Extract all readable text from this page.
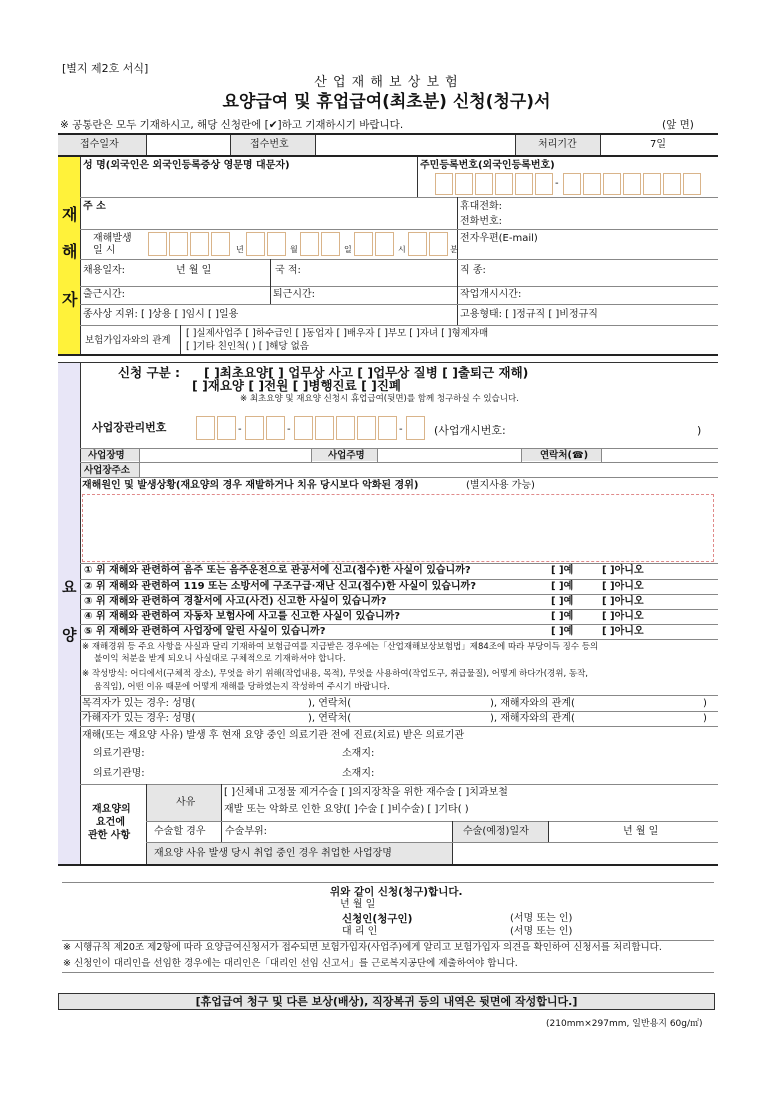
[별지 제2호 서식]
산 업 재 해 보 상 보 험
요양급여 및 휴업급여(최초분) 신청(청구)서
※ 공통란은 모두 기재하시고, 해당 신청란에 [✔]하고 기재하시기 바랍니다.	(앞 면)
접수일자	접수번호	처리기간	7일
재
해
자
성 명(외국인은 외국인등록증상 영문명 대문자)	주민등록번호(외국인등록번호)
-
주 소	휴대전화:
전화번호:
재해발생
일 시	년	월	일	시	분
전자우편(E-mail)
채용일자:	년 월 일	국 적:	직 종:
출근시간:	퇴근시간:	작업개시시간:
종사상 지위: [ ]상용 [ ]임시 [ ]일용	고용형태: [ ]정규직 [ ]비정규직
보험가입자와의 관계
[ ]실제사업주 [ ]하수급인 [ ]동업자 [ ]배우자 [ ]부모 [ ]자녀 [ ]형제자매
[ ]기타 친인척( ) [ ]해당 없음
요
양
신청 구분 : [ ]최초요양[ ] 업무상 사고 [ ]업무상 질병 [ ]출퇴근 재해)
[ ]재요양 [ ]전원 [ ]병행진료 [ ]진폐
※ 최초요양 및 재요양 신청시 휴업급여(뒷면)를 함께 청구하실 수 있습니다.
사업장관리번호	-	-	-	(사업개시번호:	)
사업장명	사업주명	연락처(☎)
사업장주소
재해원인 및 발생상황(재요양의 경우 재발하거나 치유 당시보다 악화된 경위)	(별지사용 가능)
① 위 재해와 관련하여 음주 또는 음주운전으로 관공서에 신고(접수)한 사실이 있습니까?	[ ]예	[ ]아니오
② 위 재해와 관련하여 119 또는 소방서에 구조구급·재난 신고(접수)한 사실이 있습니까?	[ ]예	[ ]아니오
③ 위 재해와 관련하여 경찰서에 사고(사건) 신고한 사실이 있습니까?	[ ]예	[ ]아니오
④ 위 재해와 관련하여 자동차 보험사에 사고를 신고한 사실이 있습니까?	[ ]예	[ ]아니오
⑤ 위 재해와 관련하여 사업장에 알린 사실이 있습니까?	[ ]예	[ ]아니오
※ 재해경위 등 주요 사항을 사실과 달리 기재하여 보험급여를 지급받은 경우에는「산업재해보상보험법」제84조에 따라 부당이득 징수 등의
불이익 처분을 받게 되오니 사실대로 구체적으로 기재하셔야 합니다.
※ 작성방식: 어디에서(구체적 장소), 무엇을 하기 위해(작업내용, 목적), 무엇을 사용하여(작업도구, 취급물질), 어떻게 하다가(경위, 동작,
움직임), 어떤 이유 때문에 어떻게 재해를 당하였는지 작성하여 주시기 바랍니다.
목격자가 있는 경우: 성명(	), 연락처(	), 재해자와의 관계(	)
가해자가 있는 경우: 성명(	), 연락처(	), 재해자와의 관계(	)
재해(또는 재요양 사유) 발생 후 현재 요양 중인 의료기관 전에 진료(치료) 받은 의료기관
의료기관명:	소재지:
의료기관명:	소재지:
재요양의
요건에
관한 사항
사유
[ ]신체내 고정물 제거수술 [ ]의지장착을 위한 재수술 [ ]치과보철
재발 또는 악화로 인한 요양([ ]수술 [ ]비수술) [ ]기타( )
수술할 경우 수술부위:	수술(예정)일자	년 월 일
재요양 사유 발생 당시 취업 중인 경우 취업한 사업장명
위와 같이 신청(청구)합니다.
년 월 일
신청인(청구인)	(서명 또는 인)
대 리 인	(서명 또는 인)
※ 시행규칙 제20조 제2항에 따라 요양급여신청서가 접수되면 보험가입자(사업주)에게 알리고 보험가입자 의견을 확인하여 신청서를 처리합니다.
※ 신청인이 대리인을 선임한 경우에는 대리인은「대리인 선임 신고서」를 근로복지공단에 제출하여야 합니다.
[휴업급여 청구 및 다른 보상(배상), 직장복귀 등의 내역은 뒷면에 작성합니다.]
(210mm×297mm, 일반용지 60g/㎡)
